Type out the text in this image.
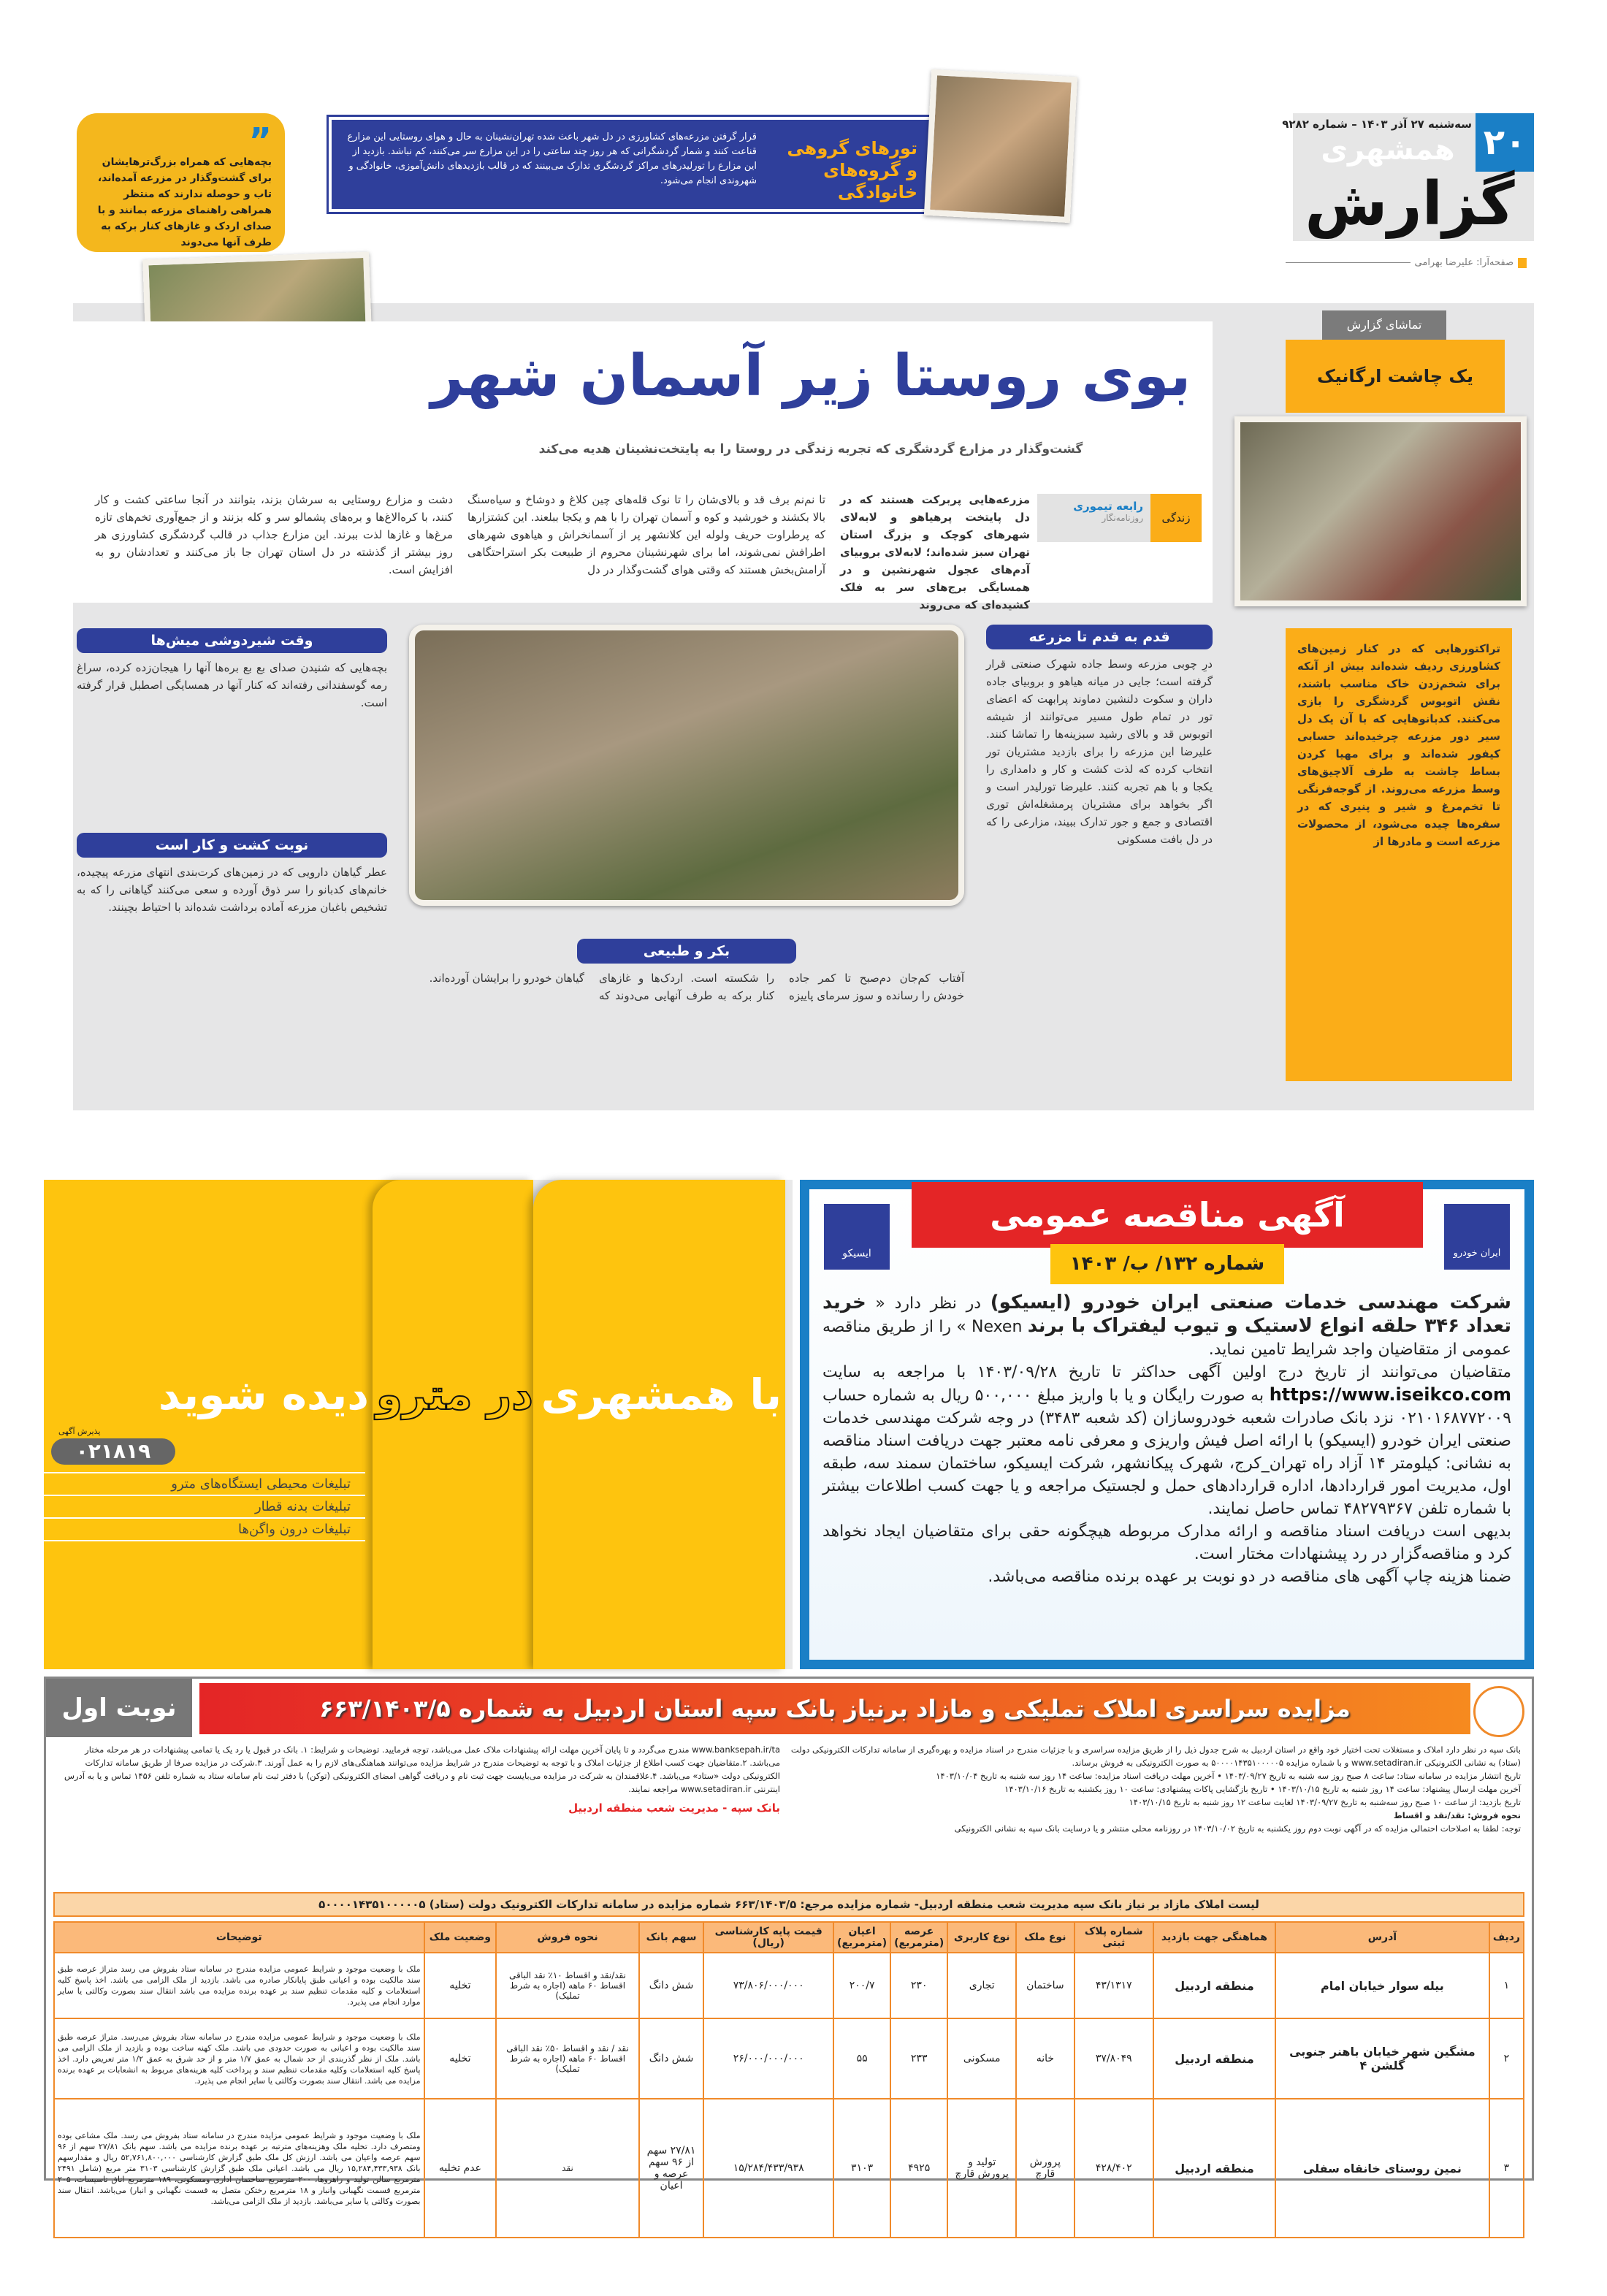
۲۰
سه‌شنبه ۲۷ آذر ۱۴۰۳ – شماره ۹۲۸۲
همشهری
گزارش
صفحه‌آرا: علیرضا بهرامی
”
بچه‌هایی که همراه بزرگ‌ترهایشان برای گشت‌وگذار در مزرعه آمده‌اند، تاب و حوصله ندارند که منتظر همراهی راهنمای مزرعه بمانند و با صدای اردک و غازهای کنار برکه به طرف آنها می‌دوند
تورهای گروهی و گروه‌های خانوادگی
قرار گرفتن مزرعه‌های کشاورزی در دل شهر باعث شده تهران‌نشینان به حال و هوای روستایی این مزارع قناعت کنند و شمار گردشگرانی که هر روز چند ساعتی را در این مزارع سر می‌کنند، کم نباشد. بازدید از این مزارع را تورلیدرهای مراکز گردشگری تدارک می‌بینند که در قالب بازدیدهای دانش‌آموزی، خانوادگی و شهروندی انجام می‌شود.
بوی روستا زیر آسمان شهر
گشت‌وگذار در مزارع گردشگری که تجربه زندگی در روستا را به پایتخت‌نشینان هدیه می‌کند
زندگی
رابعه تیموری
روزنامه‌نگار
مزرعه‌هایی پربرکت هستند که در دل پایتخت پرهیاهو و لابه‌لای شهرهای کوچک و بزرگ استان تهران سبز شده‌اند؛ لابه‌لای بروبیای آدم‌های عجول شهرنشین و در همسایگی برج‌های سر به فلک کشیده‌ای که می‌روند
تا نم‌نم برف قد و بالای‌شان را تا نوک قله‌های چین کلاغ و دوشاخ و سیاه‌سنگ بالا بکشند و خورشید و کوه و آسمان تهران را با هم و یکجا ببلعند. این کشتزارها که پرطراوت حریف ولوله این کلانشهر پر از آسمانخراش و هیاهوی شهرهای اطرافش نمی‌شوند، اما برای شهرنشینان محروم از طبیعت بکر استراحتگاهی آرامش‌بخش هستند که وقتی هوای گشت‌وگذار در دل
دشت و مزارع روستایی به سرشان بزند، بتوانند در آنجا ساعتی کشت و کار کنند، با کره‌الاغ‌ها و بره‌های پشمالو سر و کله بزنند و از جمع‌آوری تخم‌های تازه مرغ‌ها و غازها لذت ببرند. این مزارع جذاب در قالب گردشگری کشاورزی هر روز بیشتر از گذشته در دل استان تهران جا باز می‌کنند و تعدادشان رو به افزایش است.
تماشای گزارش
یک چاشت ارگانیک
تراکتورهایی که در کنار زمین‌های کشاورزی ردیف شده‌اند بیش از آنکه برای شخم‌زدن خاک مناسب باشند، نقش اتوبوس گردشگری را بازی می‌کنند. کدبانوهایی که با آن یک دل سیر دور مزرعه چرخیده‌اند حسابی کیفور شده‌اند و برای مهیا کردن بساط چاشت به طرف آلاچیق‌های وسط مزرعه می‌روند. از گوجه‌فرنگی تا تخم‌مرغ و شیر و پنیری که در سفره‌ها چیده می‌شود، از محصولات مزرعه است و مادرها از
وقت شیردوشی میش‌ها
بچه‌هایی که شنیدن صدای بع بع بره‌ها آنها را هیجان‌زده کرده، سراغ رمه گوسفندانی رفته‌اند که کنار آنها در همسایگی اصطبل قرار گرفته است.
نوبت کشت و کار است
عطر گیاهان دارویی که در زمین‌های کرت‌بندی انتهای مزرعه پیچیده، خانم‌های کدبانو را سر ذوق آورده و سعی می‌کنند گیاهانی را که به تشخیص باغبان مزرعه آماده برداشت شده‌اند با احتیاط بچینند.
بکر و طبیعی
آفتاب کم‌جان دم‌صبح تا کمر جاده خودش را رسانده و سوز سرمای پاییزه را شکسته است. اردک‌ها و غازهای کنار برکه به طرف آنهایی می‌دوند که گیاهان خودرو را برایشان آورده‌اند.
قدم به قدم تا مزرعه
درِ چوبی مزرعه وسط جاده شهرک صنعتی قرار گرفته است؛ جایی در میانه هیاهو و بروبیای جاده‌ داران و سکوت دلنشین دماوند پرابهت که اعضای تور در تمام طول مسیر می‌توانند از شیشه اتوبوس قد و بالای رشید سبزینه‌ها را تماشا کنند. علیرضا این مزرعه را برای بازدید مشتریان تور انتخاب کرده که لذت کشت و کار و دامداری را یکجا و با هم تجربه کنند. علیرضا تورلیدر است و اگر بخواهد برای مشتریان پرمشغله‌اش توری اقتصادی و جمع و جور تدارک ببیند، مزارعی را که در دل بافت مسکونی
با همشهری
در مترو
دیده شوید
پذیرش آگهی
۰۲۱۸۱۹
تبلیغات محیطی ایستگاه‌های مترو
تبلیغات بدنه قطار
تبلیغات درون واگن‌ها
ایسیکو	ایران خودرو
آگهی مناقصه عمومی
شماره ۱۳۲/ ب/ ۱۴۰۳

شرکت مهندسی خدمات صنعتی ایران خودرو (ایسیکو) در نظر دارد « خرید تعداد ۳۴۶ حلقه انواع لاستیک و تیوب لیفتراک با برند Nexen » را از طریق مناقصه عمومی از متقاضیان واجد شرایط تامین نماید.

متقاضیان می‌توانند از تاریخ درج اولین آگهی حداکثر تا تاریخ ۱۴۰۳/۰۹/۲۸ با مراجعه به سایت https://www.iseikco.com به صورت رایگان و یا با واریز مبلغ ۵۰۰,۰۰۰ ریال به شماره حساب ۰۲۱۰۱۶۸۷۷۲۰۰۹ نزد بانک صادرات شعبه خودروسازان (کد شعبه ۳۴۸۳) در وجه شرکت مهندسی خدمات صنعتی ایران خودرو (ایسیکو) با ارائه اصل فیش واریزی و معرفی نامه معتبر جهت دریافت اسناد مناقصه به نشانی: کیلومتر ۱۴ آزاد راه تهران_کرج، شهرک پیکانشهر، شرکت ایسیکو، ساختمان سمند سه، طبقه اول، مدیریت امور قراردادها، اداره قراردادهای حمل و لجستیک مراجعه و یا جهت کسب اطلاعات بیشتر با شماره تلفن ۴۸۲۷۹۳۶۷ تماس حاصل نمایند.

بدیهی است دریافت اسناد مناقصه و ارائه مدارک مربوطه هیچگونه حقی برای متقاضیان ایجاد نخواهد کرد و مناقصه‌گزار در رد پیشنهادات مختار است.

ضمنا هزینه چاپ آگهی های مناقصه در دو نوبت بر عهده برنده مناقصه می‌باشد.

نوبت اول	مزایده سراسری املاک تملیکی و مازاد برنیاز بانک سپه استان اردبیل به شماره ۶۶۳/۱۴۰۳/۵

بانک سپه در نظر دارد املاک و مستغلات تحت اختیار خود واقع در استان اردبیل به شرح جدول ذیل را از طریق مزایده سراسری و با جزئیات مندرج در اسناد مزایده و بهره‌گیری از سامانه تدارکات الکترونیکی دولت (ستاد) به نشانی الکترونیکی www.setadiran.ir و با شماره مزایده ۵۰۰۰۰۱۴۳۵۱۰۰۰۰۰۵ به صورت الکترونیکی به فروش برساند.

تاریخ انتشار مزایده در سامانه ستاد: ساعت ۸ صبح روز سه شنبه به تاریخ ۱۴۰۳/۰۹/۲۷ • آخرین مهلت دریافت اسناد مزایده: ساعت ۱۴ روز سه شنبه به تاریخ ۱۴۰۳/۱۰/۰۴

آخرین مهلت ارسال پیشنهاد: ساعت ۱۴ روز شنبه به تاریخ ۱۴۰۳/۱۰/۱۵ • تاریخ بازگشایی پاکات پیشنهادی: ساعت ۱۰ روز یکشنبه به تاریخ ۱۴۰۳/۱۰/۱۶

تاریخ بازدید: از ساعت ۱۰ صبح روز سه‌شنبه به تاریخ ۱۴۰۳/۰۹/۲۷ لغایت ساعت ۱۲ روز شنبه به تاریخ ۱۴۰۳/۱۰/۱۵

نحوه فروش: نقد/نقد و اقساط

توجه: لطفا به اصلاحات احتمالی مزایده که در آگهی نوبت دوم روز یکشنبه به تاریخ ۱۴۰۳/۱۰/۰۲ در روزنامه محلی منتشر و یا درسایت بانک سپه به نشانی الکترونیکی

www.banksepah.ir/ta مندرج می‌گردد و تا پایان آخرین مهلت ارائه پیشنهادات ملاک عمل می‌باشد، توجه فرمایید. توضیحات و شرایط: ۱. بانک در قبول یا رد یک یا تمامی پیشنهادات در هر مرحله مختار می‌باشد. ۲.متقاضیان جهت کسب اطلاع از جزئیات املاک و با توجه به توضیحات مندرج در شرایط مزایده می‌توانند هماهنگی‌های لازم را به عمل آورند. ۳.شرکت در مزایده صرفا از طریق سامانه تدارکات الکترونیکی دولت «ستاد» می‌باشد. ۴.علاقمندان به شرکت در مزایده می‌بایست جهت ثبت نام و دریافت گواهی امضای الکترونیکی (توکن) با دفتر ثبت نام سامانه ستاد به شماره تلفن ۱۴۵۶ تماس و یا به آدرس اینترنتی www.setadiran.ir مراجعه نمایند.

بانک سپه - مدیریت شعب منطقه اردبیل

لیست املاک مازاد بر نیاز بانک سپه مدیریت شعب منطقه اردبیل- شماره مزایده مرجع: ۶۶۳/۱۴۰۳/۵ شماره مزایده در سامانه تدارکات الکترونیک دولت (ستاد) ۵۰۰۰۰۱۴۳۵۱۰۰۰۰۰۵
ردیف	آدرس	هماهنگی جهت بازدید	شماره پلاک ثبتی	نوع ملک	نوع کاربری	عرصه (مترمربع)	اعیان (مترمربع)	قیمت پایه کارشناسی (ریال)	سهم بانک	نحوه فروش	وضعیت ملک	توضیحات
۱	بیله سوار خیابان امام	منطقه اردبیل	۴۳/۱۳۱۷	ساختمان	تجاری	۲۳۰	۲۰۰/۷	۷۳/۸۰۶/۰۰۰/۰۰۰	شش دانگ	نقد/نقد و اقساط ۱۰٪ نقد الباقی اقساط ۶۰ ماهه (اجاره به شرط تملیک)	تخلیه	ملک با وضعیت موجود و شرایط عمومی مزایده مندرج در سامانه ستاد بفروش می رسد متراژ عرصه طبق سند مالکیت بوده و اعیانی طبق پایانکار صادره می باشد. بازدید از ملک الزامی می باشد. اخذ پاسخ کلیه استعلامات و کلیه مقدمات تنظیم سند بر عهده برنده مزایده می باشد انتقال سند بصورت وکالتی یا سایر موارد انجام می پذیرد.
۲	مشگین شهر خیابان باهنر جنوبی گلشن ۴	منطقه اردبیل	۳۷/۸۰۴۹	خانه	مسکونی	۲۳۳	۵۵	۲۶/۰۰۰/۰۰۰/۰۰۰	شش دانگ	نقد / نقد و اقساط ۵۰٪ نقد الباقی اقساط ۶۰ ماهه (اجاره به شرط تملیک)	تخلیه	ملک با وضعیت موجود و شرایط عمومی مزایده مندرج در سامانه ستاد بفروش می‌رسد. متراژ عرصه طبق سند مالکیت بوده و اعیانی به صورت حدودی می باشد. ملک کهنه ساخت بوده و بازدید از ملک الزامی می باشد. ملک از نظر گذربندی از حد شمال به عمق ۱/۷ متر و از حد شرق به عمق ۱/۲ متر تعریض دارد. اخذ پاسخ کلیه استعلامات وکلیه مقدمات تنظیم سند و پرداخت کلیه هزینه‌های مربوط به انشعابات بر عهده برنده مزایده می باشد. انتقال سند بصورت وکالتی یا سایر انجام می پذیرد.
۳	نمین روستای خانقاه سفلی	منطقه اردبیل	۴۲۸/۴۰۲	پرورش قارچ	تولید و پرورش قارچ	۴۹۲۵	۳۱۰۳	۱۵/۲۸۴/۴۳۳/۹۳۸	۲۷/۸۱ سهم از ۹۶ سهم عرصه و اعیان	نقد	عدم تخلیه	ملک با وضعیت موجود و شرایط عمومی مزایده مندرج در سامانه ستاد بفروش می رسد. ملک مشاعی بوده ومتصرف دارد. تخلیه ملک وهزینه‌های مترتبه بر عهده برنده مزایده می باشد. سهم بانک ۲۷/۸۱ سهم از ۹۶ سهم عرصه واعیان می باشد. ارزش کل ملک طبق گزارش کارشناسی ۵۲,۷۶۱,۸۰۰,۰۰۰ ریال و مقدارسهم بانک ۱۵,۲۸۴,۴۳۳,۹۳۸ ریال می باشد. اعیانی ملک طبق گزارش کارشناسی ۳۱۰۳ متر مربع (شامل ۲۴۹۱ مترمربع سالن تولید و راهروها، ۲۰۰ مترمربع ساختمان اداری ومسکونی، ۱۸۹ مترمربع اتاق تاسیسات، ۲۰۵ مترمربع قسمت نگهبانی وانبار و ۱۸ مترمربع رختکن متصل به قسمت نگهبانی و انبار) می‌باشد. انتقال سند بصورت وکالتی یا سایر می‌باشد. بازدید از ملک الزامی می‌باشد.
